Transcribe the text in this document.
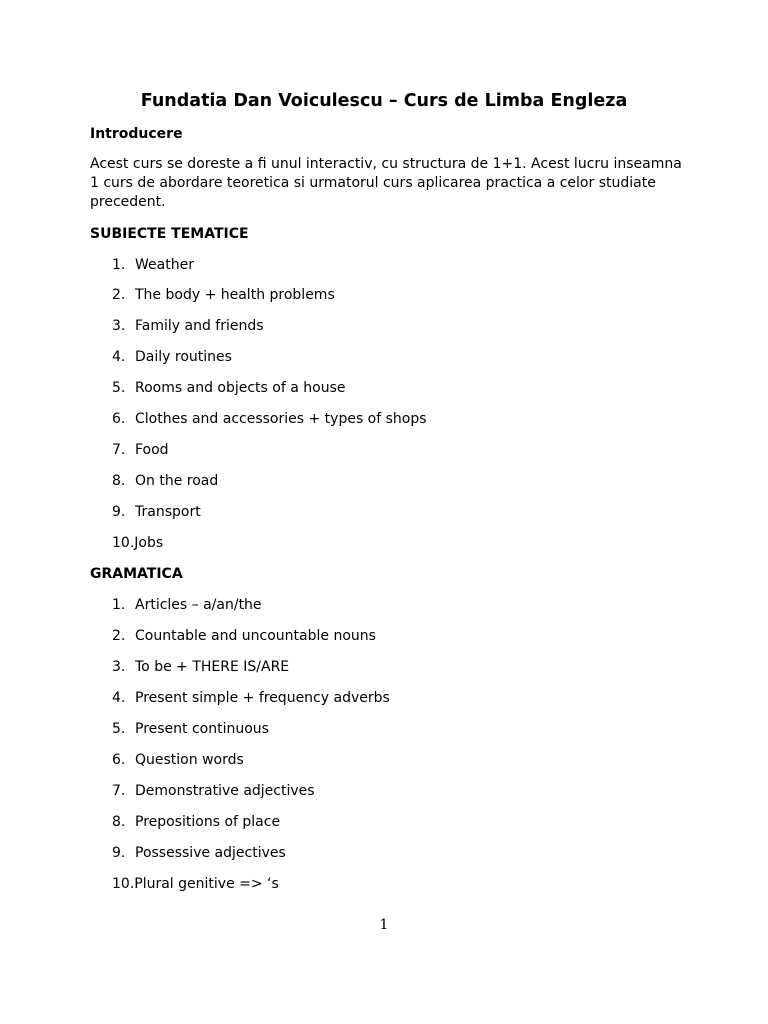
Fundatia Dan Voiculescu – Curs de Limba Engleza
Introducere
Acest curs se doreste a fi unul interactiv, cu structura de 1+1. Acest lucru inseamna
1 curs de abordare teoretica si urmatorul curs aplicarea practica a celor studiate
precedent.
SUBIECTE TEMATICE
1. Weather
2. The body + health problems
3. Family and friends
4. Daily routines
5. Rooms and objects of a house
6. Clothes and accessories + types of shops
7. Food
8. On the road
9. Transport
10.Jobs
GRAMATICA
1. Articles – a/an/the
2. Countable and uncountable nouns
3. To be + THERE IS/ARE
4. Present simple + frequency adverbs
5. Present continuous
6. Question words
7. Demonstrative adjectives
8. Prepositions of place
9. Possessive adjectives
10.Plural genitive => ‘s
1
